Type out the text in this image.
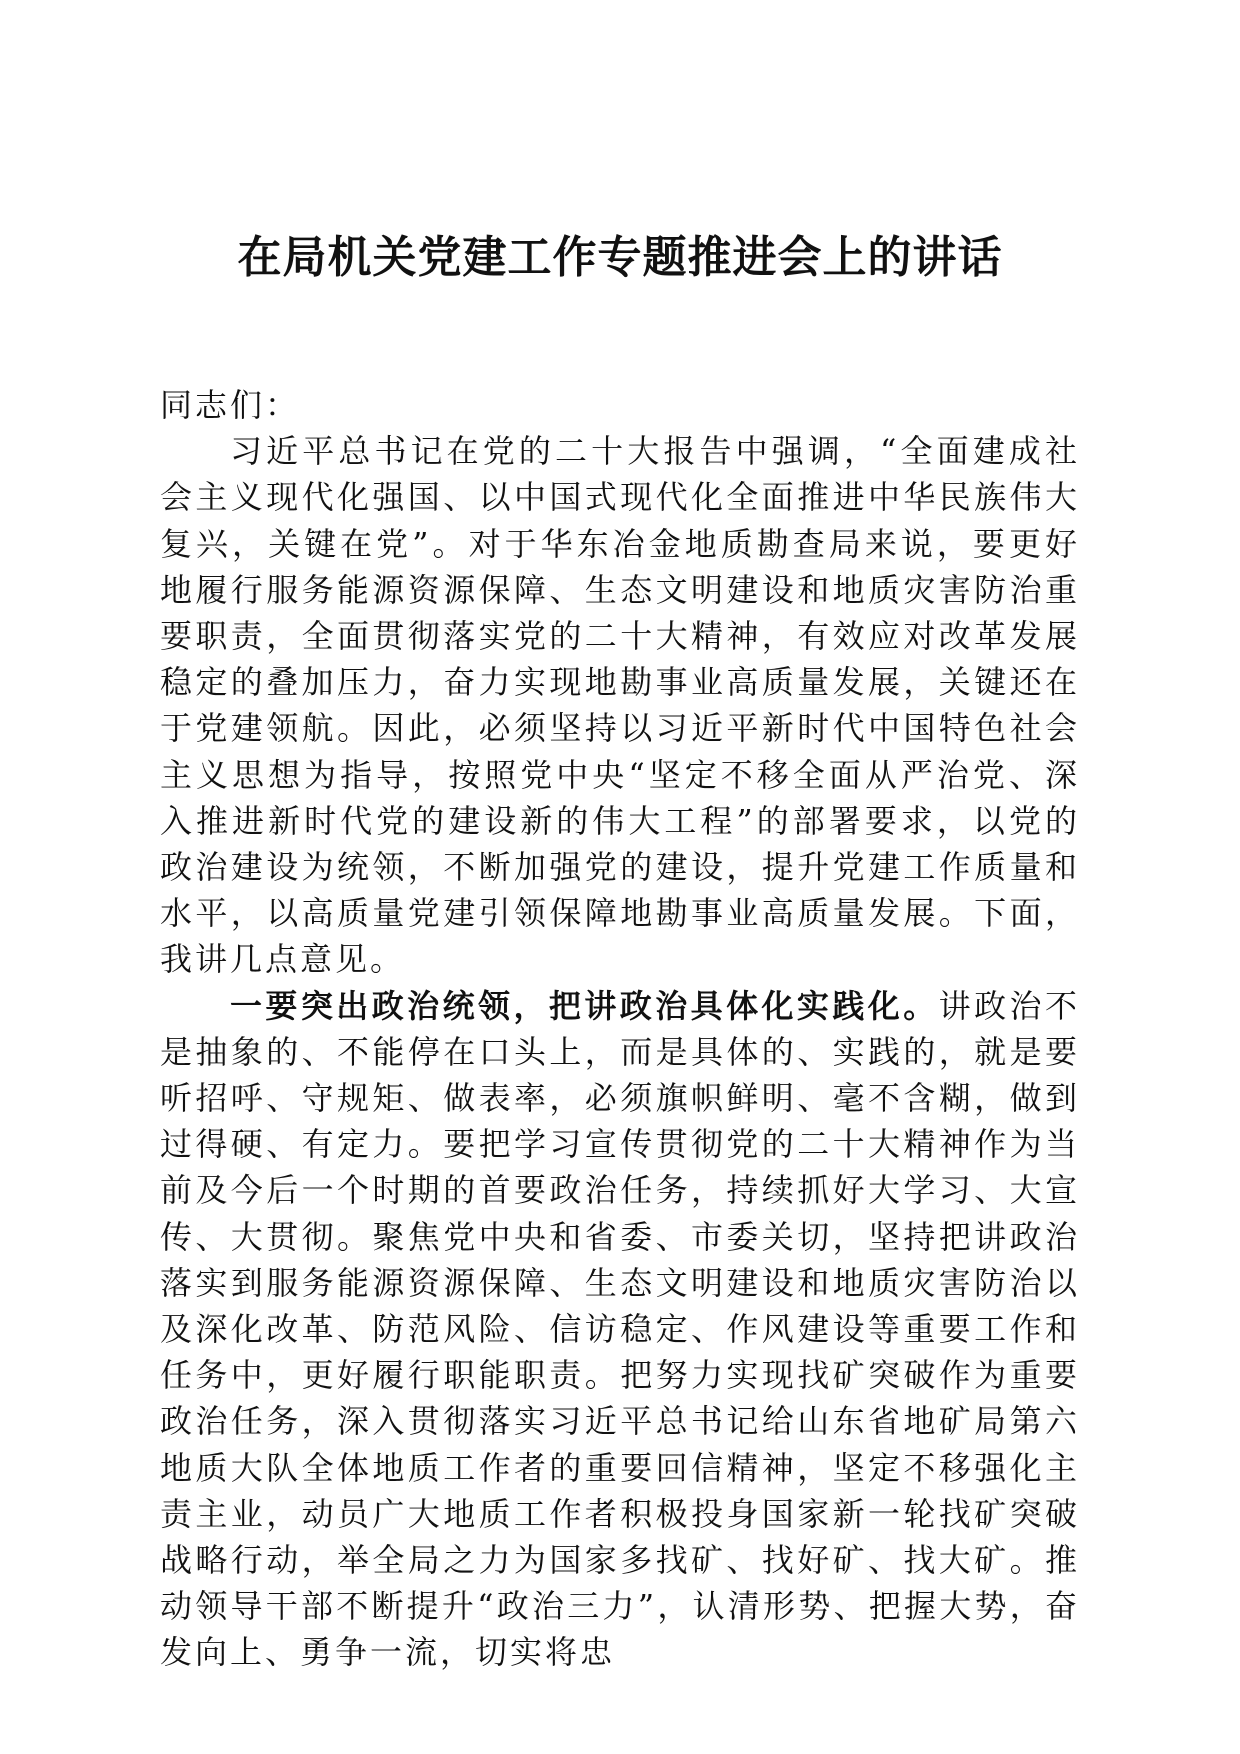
在局机关党建工作专题推进会上的讲话

同志们：

习近平总书记在党的二十大报告中强调，“全面建成社会主义现代化强国、以中国式现代化全面推进中华民族伟大复兴，关键在党”。对于华东冶金地质勘查局来说，要更好地履行服务能源资源保障、生态文明建设和地质灾害防治重要职责，全面贯彻落实党的二十大精神，有效应对改革发展稳定的叠加压力，奋力实现地勘事业高质量发展，关键还在于党建领航。因此，必须坚持以习近平新时代中国特色社会主义思想为指导，按照党中央“坚定不移全面从严治党、深入推进新时代党的建设新的伟大工程”的部署要求，以党的政治建设为统领，不断加强党的建设，提升党建工作质量和水平，以高质量党建引领保障地勘事业高质量发展。下面，我讲几点意见。

一要突出政治统领，把讲政治具体化实践化。讲政治不是抽象的、不能停在口头上，而是具体的、实践的，就是要听招呼、守规矩、做表率，必须旗帜鲜明、毫不含糊，做到过得硬、有定力。要把学习宣传贯彻党的二十大精神作为当前及今后一个时期的首要政治任务，持续抓好大学习、大宣传、大贯彻。聚焦党中央和省委、市委关切，坚持把讲政治落实到服务能源资源保障、生态文明建设和地质灾害防治以及深化改革、防范风险、信访稳定、作风建设等重要工作和任务中，更好履行职能职责。把努力实现找矿突破作为重要政治任务，深入贯彻落实习近平总书记给山东省地矿局第六地质大队全体地质工作者的重要回信精神，坚定不移强化主责主业，动员广大地质工作者积极投身国家新一轮找矿突破战略行动，举全局之力为国家多找矿、找好矿、找大矿。推动领导干部不断提升“政治三力”，认清形势、把握大势，奋发向上、勇争一流，切实将忠
